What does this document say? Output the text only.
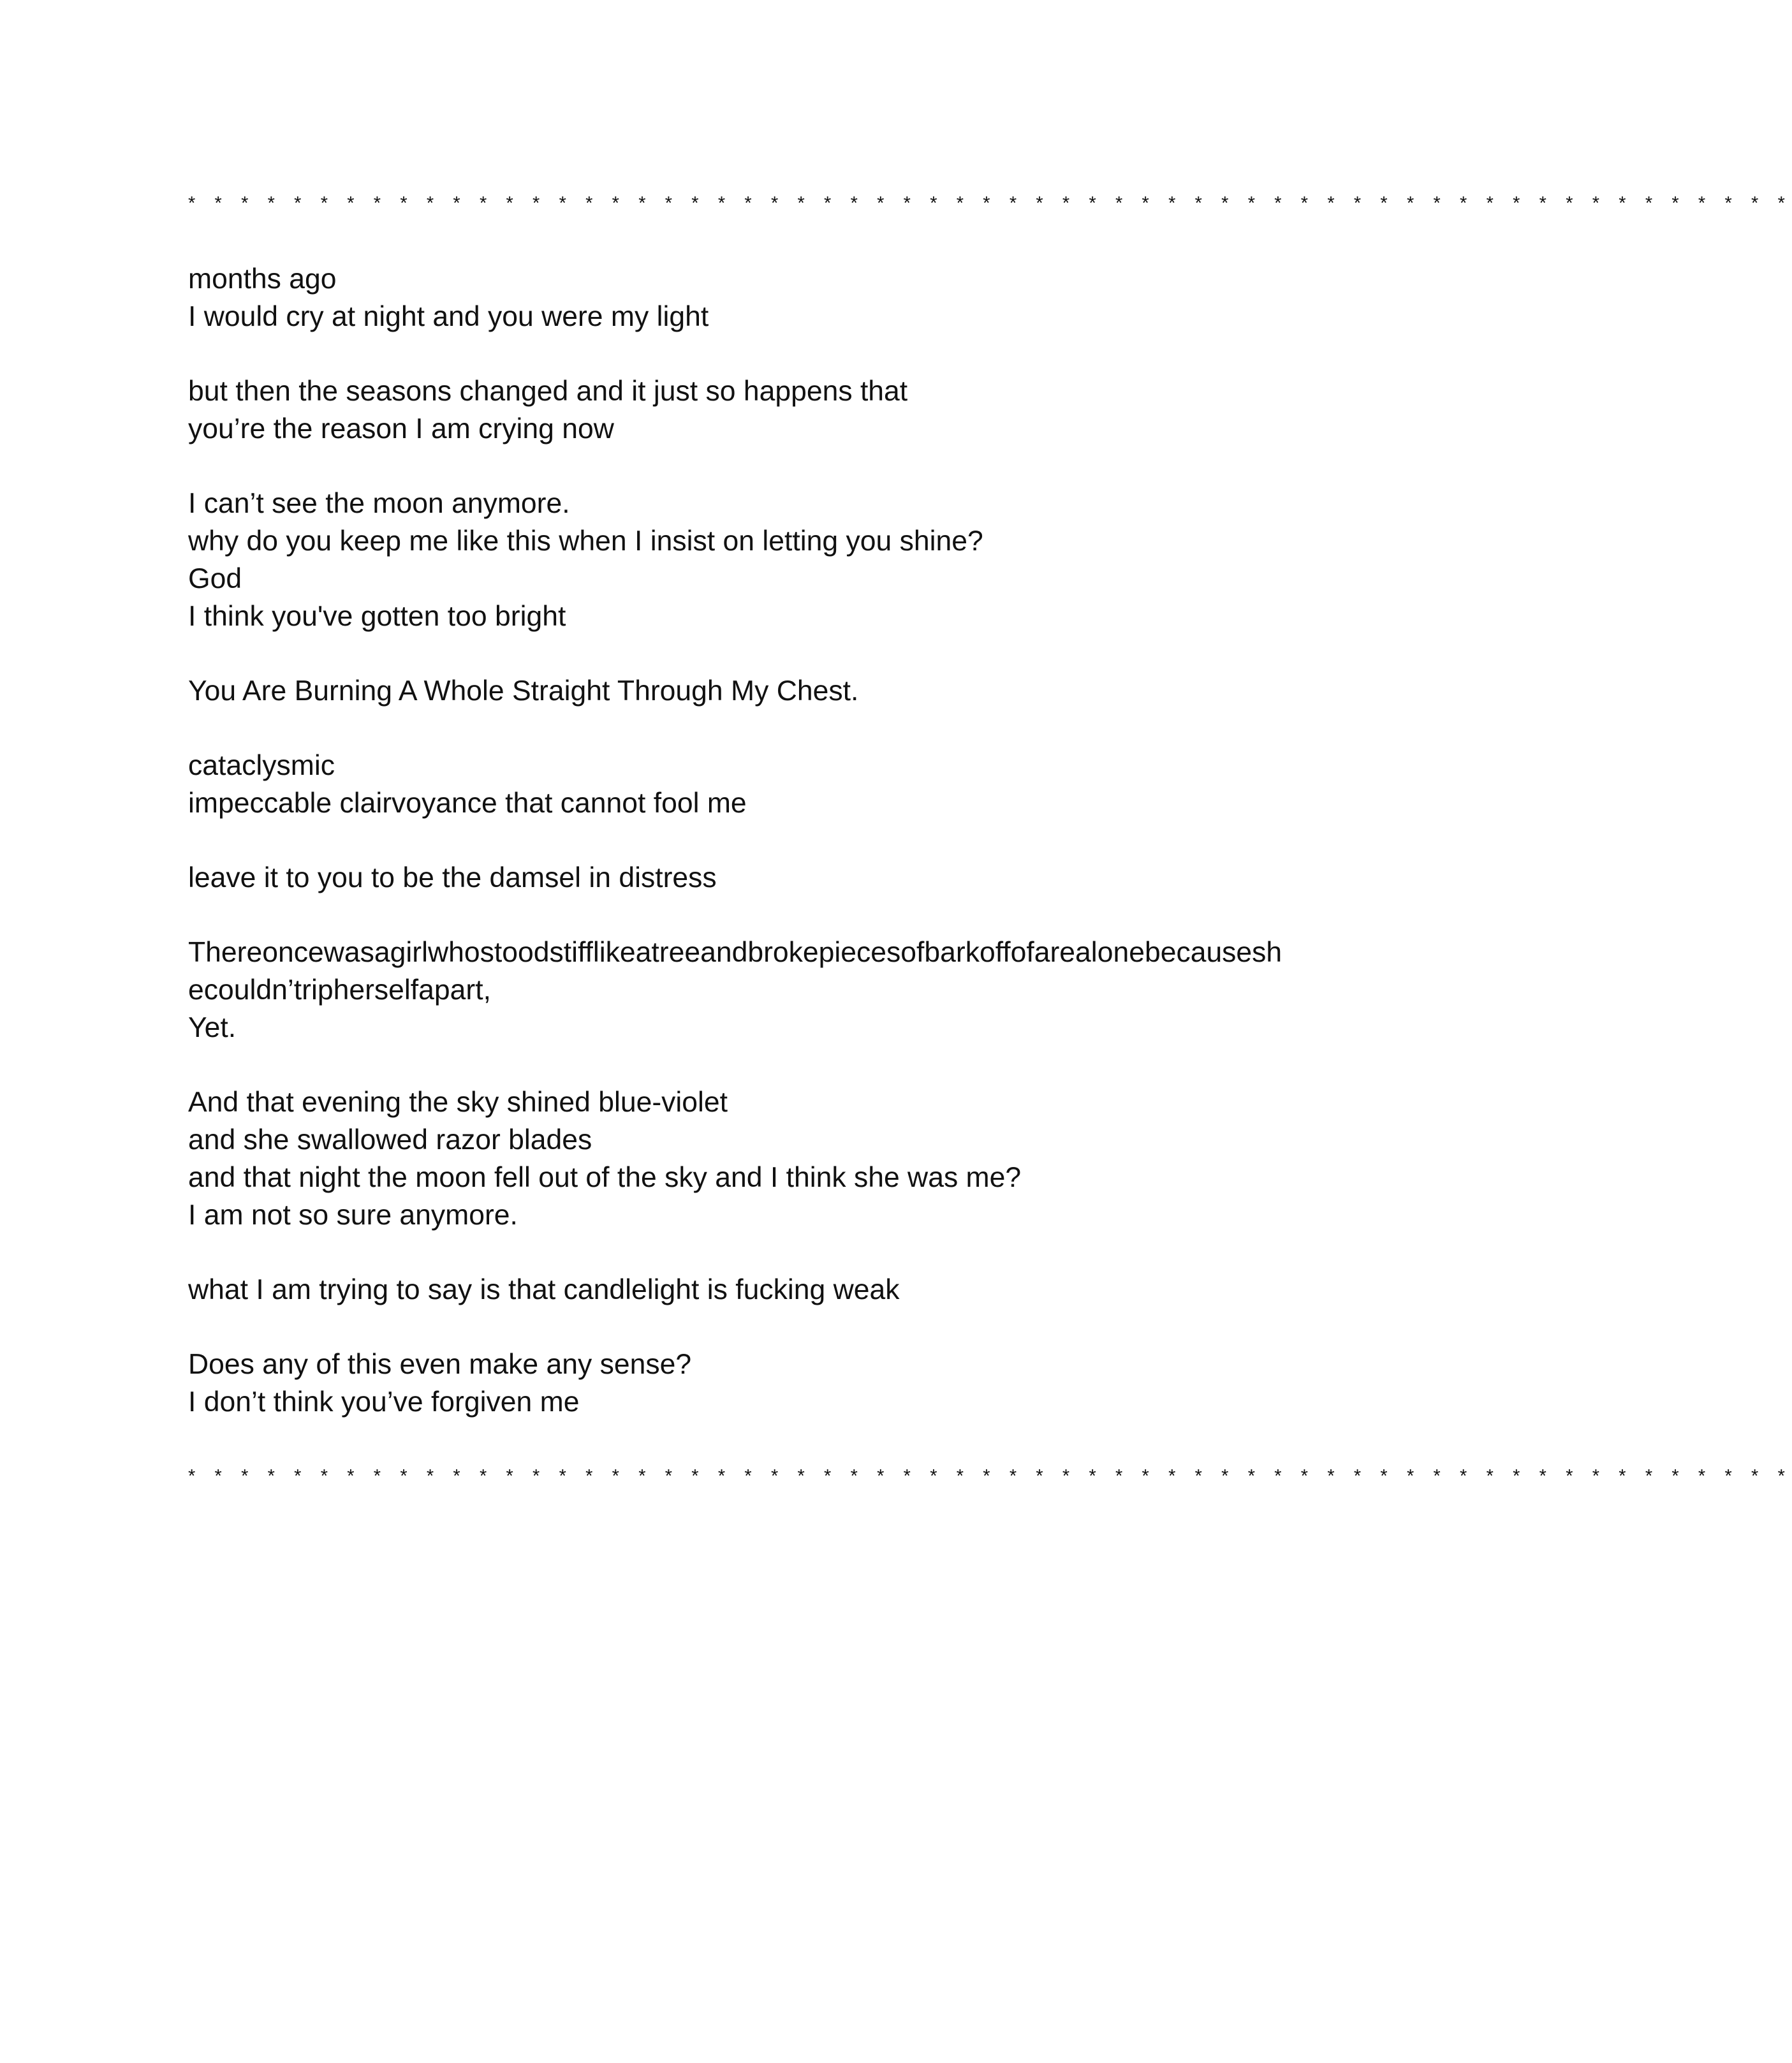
* * * * * * * * * * * * * * * * * * * * * * * * * * * * * * * * * * * * * * * * * * * * * * * * * * * * * * * * * * * * *
months ago
I would cry at night and you were my light
but then the seasons changed and it just so happens that
you’re the reason I am crying now
I can’t see the moon anymore.
why do you keep me like this when I insist on letting you shine?
God
I think you've gotten too bright
You Are Burning A Whole Straight Through My Chest.
cataclysmic
impeccable clairvoyance that cannot fool me
leave it to you to be the damsel in distress
Thereoncewasagirlwhostoodstifflikeatreeandbrokepiecesofbarkoffofarealonebecausesh
ecouldn’tripherselfapart,
Yet.
And that evening the sky shined blue-violet
and she swallowed razor blades
and that night the moon fell out of the sky and I think she was me?
I am not so sure anymore.
what I am trying to say is that candlelight is fucking weak
Does any of this even make any sense?
I don’t think you’ve forgiven me
* * * * * * * * * * * * * * * * * * * * * * * * * * * * * * * * * * * * * * * * * * * * * * * * * * * * * * * * * * * * *
